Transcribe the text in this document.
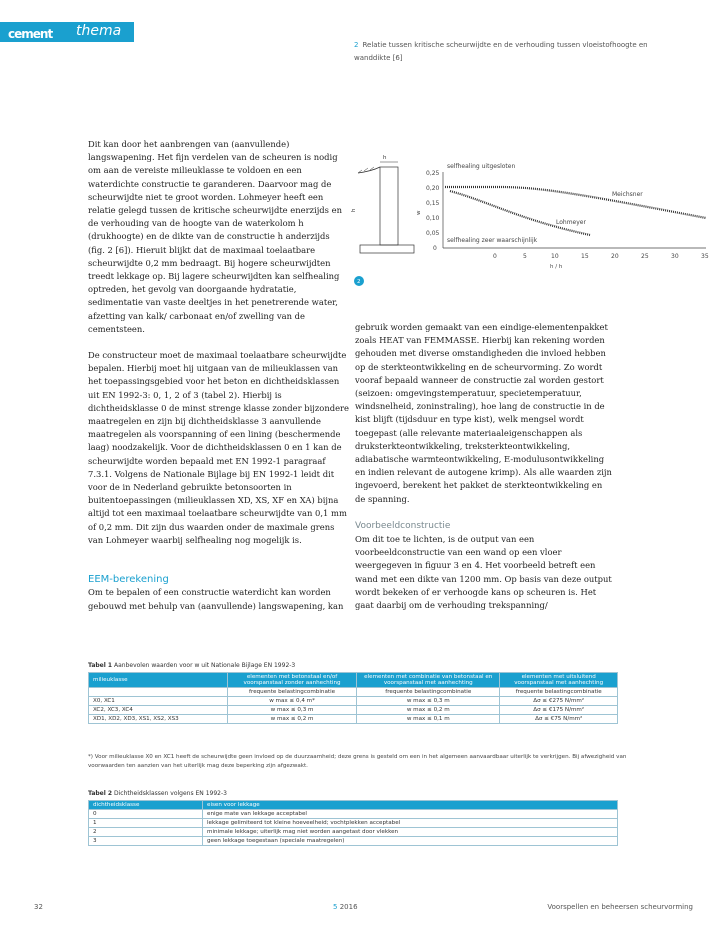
cement thema
2 Relatie tussen kritische scheurwijdte en de verhouding tussen vloeistofhoogte en wanddikte [6]
h
h
0,25
0,20
0,15
0,10
0,05
0
0	5	10	15	20	25	30	35
w
h / h
selfhealing uitgesloten
selfhealing zeer waarschijnlijk
Meichsner
Lohmeyer
2

Dit kan door het aanbrengen van (aanvullende) langswapening. Het fijn verdelen van de scheuren is nodig om aan de vereiste milieuklasse te voldoen en een waterdichte constructie te garanderen. Daarvoor mag de scheurwijdte niet te groot worden. Lohmeyer heeft een relatie gelegd tussen de kritische scheurwijdte enerzijds en de verhouding van de hoogte van de waterkolom h (drukhoogte) en de dikte van de constructie h anderzijds (fig. 2 [6]). Hieruit blijkt dat de maximaal toelaatbare scheurwijdte 0,2 mm bedraagt. Bij hogere scheurwijdten treedt lekkage op. Bij lagere scheurwijdten kan selfhealing optreden, het gevolg van doorgaande hydratatie, sedimentatie van vaste deeltjes in het penetrerende water, afzetting van kalk/ carbonaat en/of zwelling van de cementsteen.

De constructeur moet de maximaal toelaatbare scheurwijdte bepalen. Hierbij moet hij uitgaan van de milieuklassen van het toepassingsgebied voor het beton en dichtheidsklassen uit EN 1992-3: 0, 1, 2 of 3 (tabel 2). Hierbij is dichtheidsklasse 0 de minst strenge klasse zonder bijzondere maatregelen en zijn bij dichtheidsklasse 3 aanvullende maatregelen als voorspanning of een lining (beschermende laag) noodzakelijk. Voor de dichtheidsklassen 0 en 1 kan de scheurwijdte worden bepaald met EN 1992-1 paragraaf 7.3.1. Volgens de Nationale Bijlage bij EN 1992-1 leidt dit voor de in Nederland gebruikte betonsoorten in buitentoepassingen (milieuklassen XD, XS, XF en XA) bijna altijd tot een maximaal toelaatbare scheurwijdte van 0,1 mm of 0,2 mm. Dit zijn dus waarden onder de maximale grens van Lohmeyer waarbij selfhealing nog mogelijk is.

EEM-berekening

Om te bepalen of een constructie waterdicht kan worden gebouwd met behulp van (aanvullende) langswapening, kan

gebruik worden gemaakt van een eindige-elementenpakket zoals HEAT van FEMMASSE. Hierbij kan rekening worden gehouden met diverse omstandigheden die invloed hebben op de sterkteontwikkeling en de scheurvorming. Zo wordt vooraf bepaald wanneer de constructie zal worden gestort (seizoen: omgevingstemperatuur, specietemperatuur, windsnelheid, zoninstraling), hoe lang de constructie in de kist blijft (tijdsduur en type kist), welk mengsel wordt toegepast (alle relevante materiaaleigenschappen als druksterkteontwikkeling, treksterkteontwikkeling, adiabatische warmteontwikkeling, E-modulusontwikkeling en indien relevant de autogene krimp). Als alle waarden zijn ingevoerd, berekent het pakket de sterkteontwikkeling en de spanning.

Voorbeeldconstructie

Om dit toe te lichten, is de output van een voorbeeldconstructie van een wand op een vloer weergegeven in figuur 3 en 4. Het voorbeeld betreft een wand met een dikte van 1200 mm. Op basis van deze output wordt bekeken of er verhoogde kans op scheuren is. Het gaat daarbij om de verhouding trekspanning/

Tabel 1 Aanbevolen waarden voor w uit Nationale Bijlage EN 1992-3
milieuklasse	elementen met betonstaal en/of voorspanstaal zonder aanhechting	elementen met combinatie van betonstaal en voorspanstaal met aanhechting	elementen met uitsluitend voorspanstaal met aanhechting
	frequente belastingcombinatie	frequente belastingcombinatie	frequente belastingcombinatie
X0, XC1	w max ≤ 0,4 m*	w max ≤ 0,3 m	Δσ ≤ €275 N/mm²
XC2, XC3, XC4	w max ≤ 0,3 m	w max ≤ 0,2 m	Δσ ≤ €175 N/mm²
XD1, XD2, XD3, XS1, XS2, XS3	w max ≤ 0,2 m	w max ≤ 0,1 m	Δσ ≤ €75 N/mm²
*) Voor milieuklasse X0 en XC1 heeft de scheurwijdte geen invloed op de duurzaamheid; deze grens is gesteld om een in het algemeen aanvaardbaar uiterlijk te verkrijgen. Bij afwezigheid van voorwaarden ten aanzien van het uiterlijk mag deze beperking zijn afgezwakt.
Tabel 2 Dichtheidsklassen volgens EN 1992-3
dichtheidsklasse	eisen voor lekkage
0	enige mate van lekkage acceptabel
1	lekkage gelimiteerd tot kleine hoeveelheid; vochtplekken acceptabel
2	minimale lekkage; uiterlijk mag niet worden aangetast door vlekken
3	geen lekkage toegestaan (speciale maatregelen)
32	5 2016	Voorspellen en beheersen scheurvorming
